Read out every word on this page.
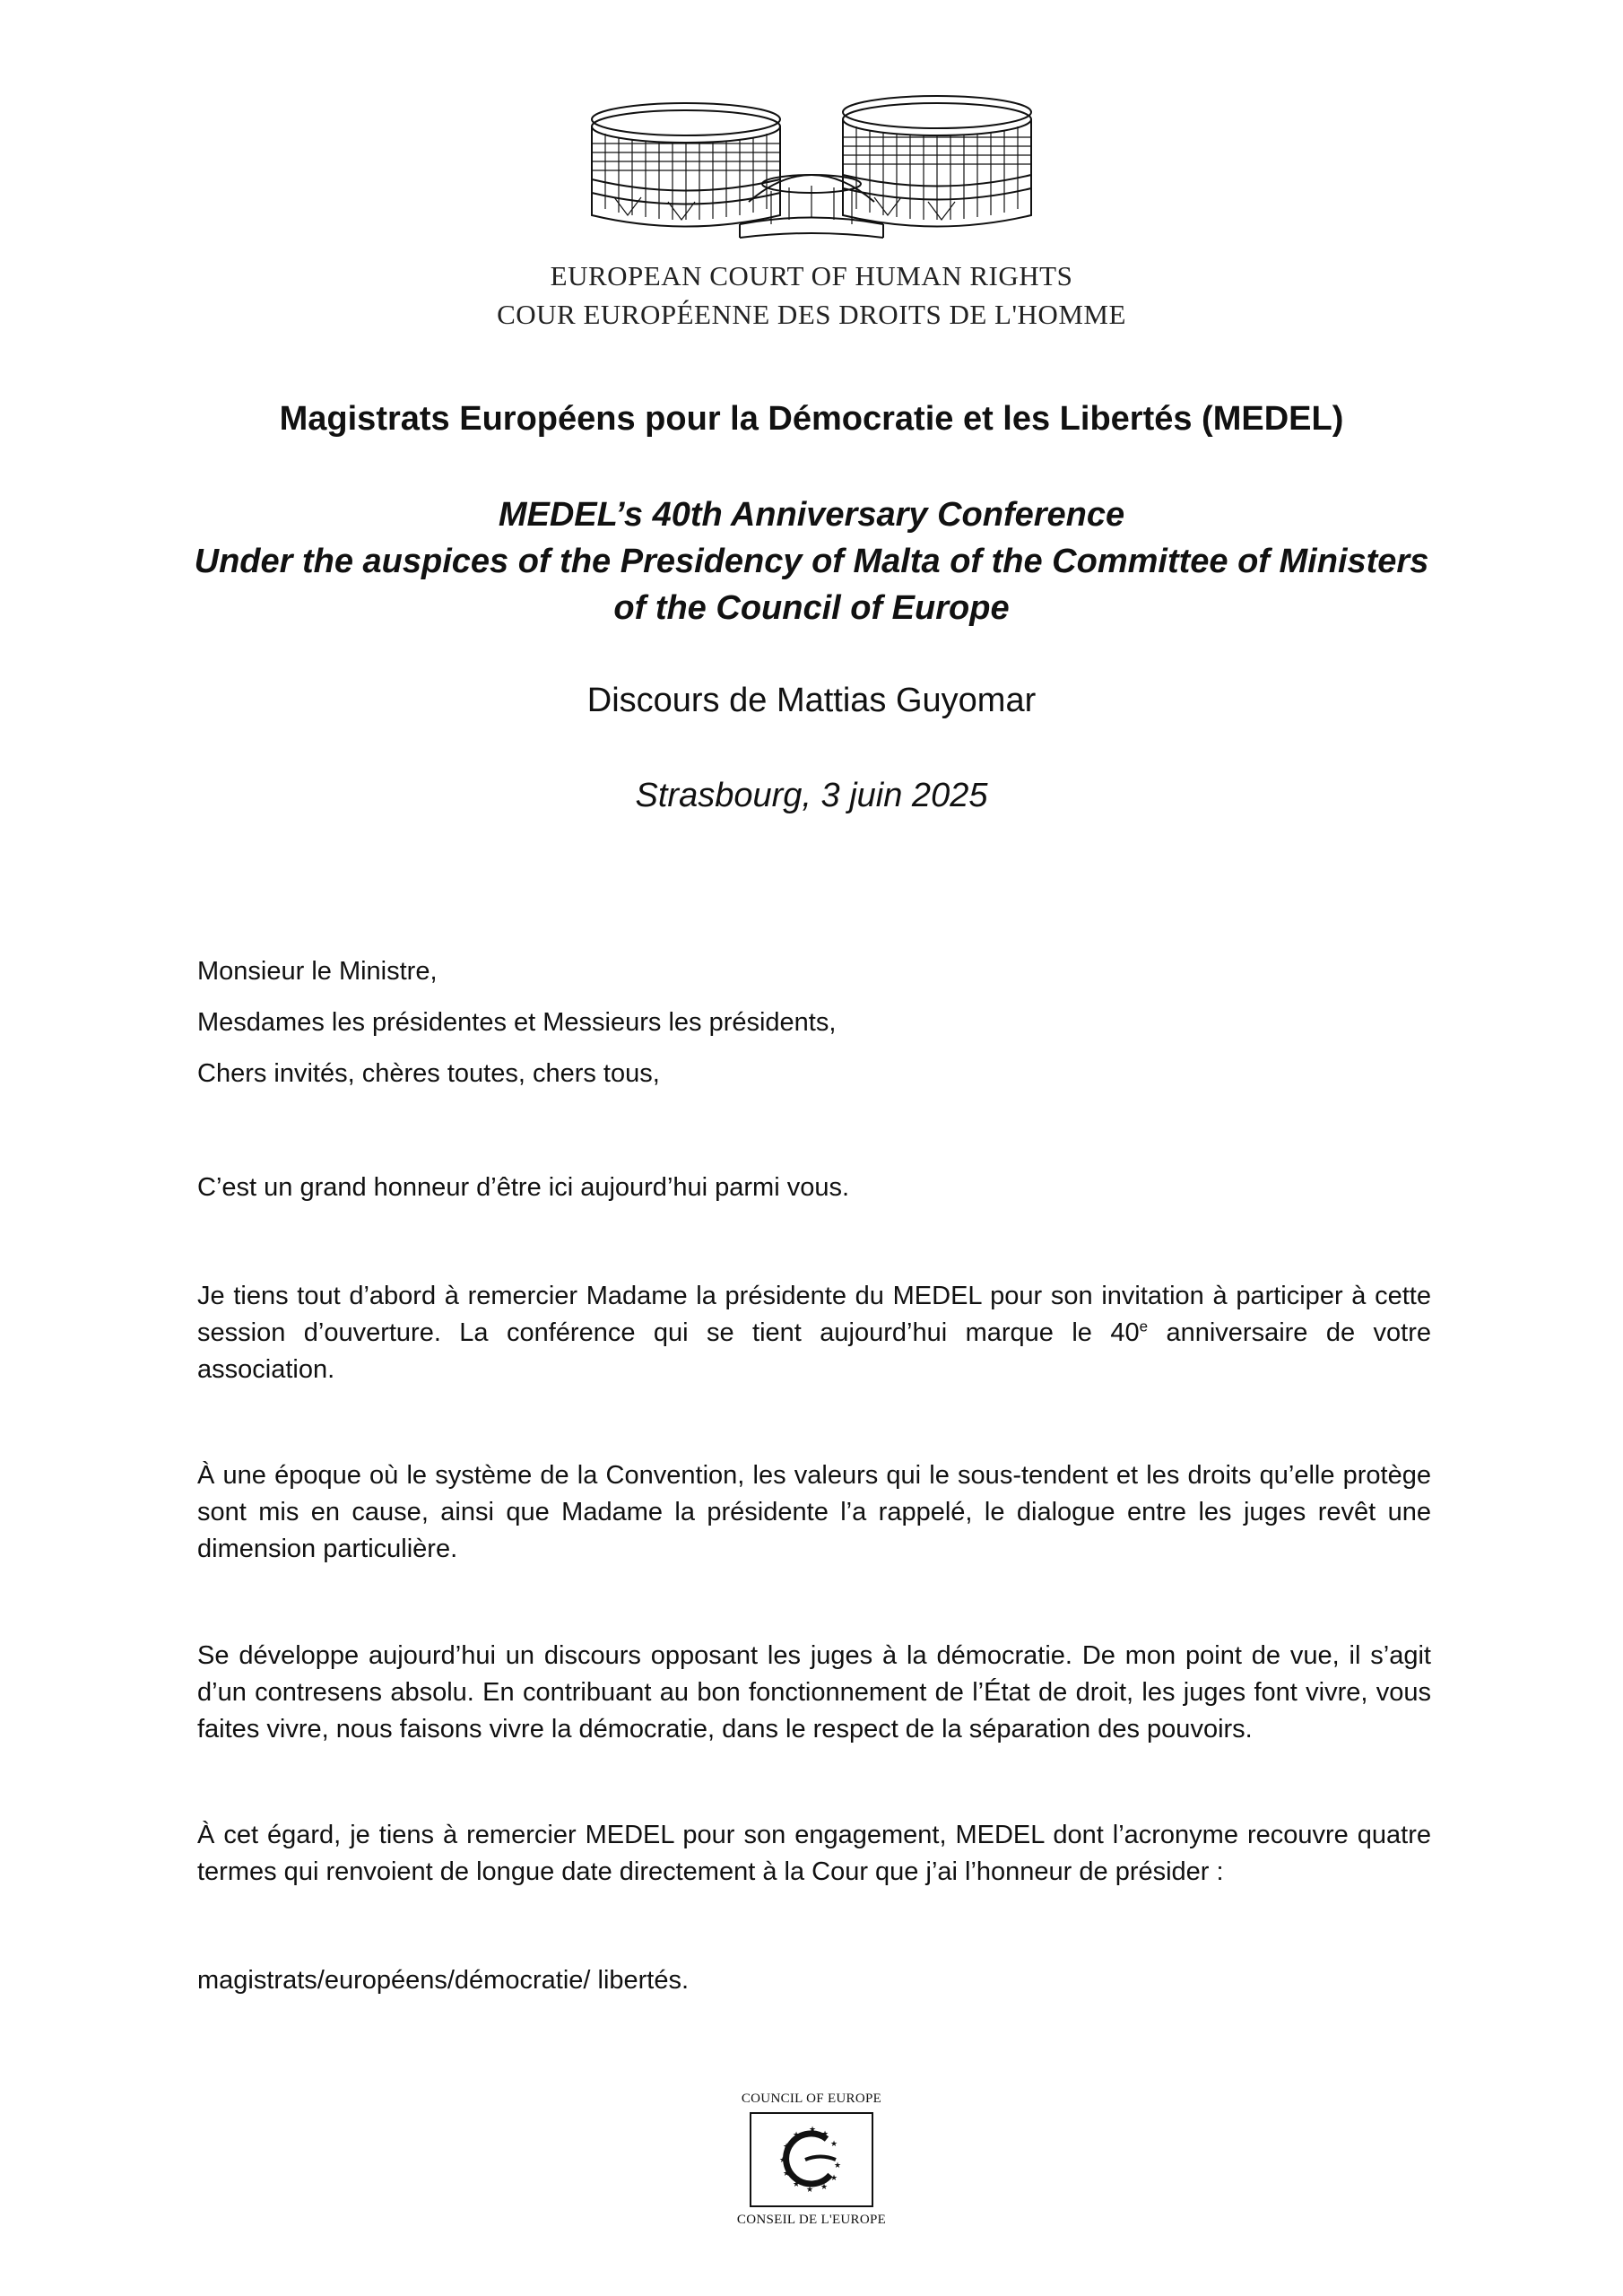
EUROPEAN COURT OF HUMAN RIGHTS
COUR EUROPÉENNE DES DROITS DE L'HOMME
Magistrats Européens pour la Démocratie et les Libertés (MEDEL)
MEDEL’s 40th Anniversary Conference
Under the auspices of the Presidency of Malta of the Committee of Ministers
of the Council of Europe
Discours de Mattias Guyomar
Strasbourg, 3 juin 2025

Monsieur le Ministre,

Mesdames les présidentes et Messieurs les présidents,

Chers invités, chères toutes, chers tous,

C’est un grand honneur d’être ici aujourd’hui parmi vous.

Je tiens tout d’abord à remercier Madame la présidente du MEDEL pour son invitation à participer à cette session d’ouverture. La conférence qui se tient aujourd’hui marque le 40e anniversaire de votre association.

À une époque où le système de la Convention, les valeurs qui le sous-tendent et les droits qu’elle protège sont mis en cause, ainsi que Madame la présidente l’a rappelé, le dialogue entre les juges revêt une dimension particulière.

Se développe aujourd’hui un discours opposant les juges à la démocratie. De mon point de vue, il s’agit d’un contresens absolu. En contribuant au bon fonctionnement de l’État de droit, les juges font vivre, vous faites vivre, nous faisons vivre la démocratie, dans le respect de la séparation des pouvoirs.

À cet égard, je tiens à remercier MEDEL pour son engagement, MEDEL dont l’acronyme recouvre quatre termes qui renvoient de longue date directement à la Cour que j’ai l’honneur de présider :

magistrats/européens/démocratie/ libertés.

COUNCIL OF EUROPE
★ ★
★
★
★
★
★
★
★ ★
★
★
CONSEIL DE L'EUROPE
